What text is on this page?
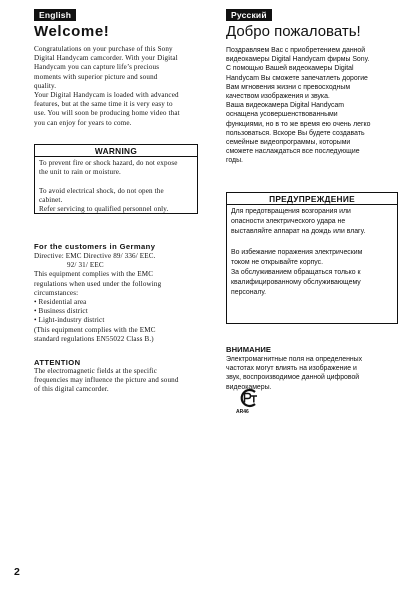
English	Русский
Welcome!	Добро пожаловать!
Congratulations on your purchase of this Sony
Digital Handycam camcorder. With your Digital
Handycam you can capture life’s precious
moments with superior picture and sound
quality.
Your Digital Handycam is loaded with advanced
features, but at the same time it is very easy to
use. You will soon be producing home video that
you can enjoy for years to come.
WARNING
To prevent fire or shock hazard, do not expose
the unit to rain or moisture.
To avoid electrical shock, do not open the
cabinet.
Refer servicing to qualified personnel only.
For the customers in Germany
Directive: EMC Directive 89/ 336/ EEC.
92/ 31/ EEC
This equipment complies with the EMC
regulations when used under the following
circumstances:
• Residential area
• Business district
• Light-industry district
(This equipment complies with the EMC
standard regulations EN55022 Class B.)
ATTENTION
The electromagnetic fields at the specific
frequencies may influence the picture and sound
of this digital camcorder.
Поздравляем Вас с приобретением данной
видеокамеры Digital Handycam фирмы Sony.
С помощью Вашей видеокамеры Digital
Handycam Вы сможете запечатлеть дорогие
Вам мгновения жизни с превосходным
качеством изображения и звука.
Ваша видеокамера Digital Handycam
оснащена усовершенствованными
функциями, но в то же время ею очень легко
пользоваться. Вскоре Вы будете создавать
семейные видеопрограммы, которыми
сможете наслаждаться все последующие
годы.
ПРЕДУПРЕЖДЕНИЕ
Для предотвращения возгорания или
опасности электрического удара не
выставляйте аппарат на дождь или влагу.
Во избежание поражения электрическим
током не открывайте корпус.
За обслуживанием обращаться только к
квалифицированному обслуживающему
персоналу.
ВНИМАНИЕ
Электромагнитные поля на определенных
частотах могут влиять на изображение и
звук, воспроизводимое данной цифровой
видеокамеры.
AR46
2
